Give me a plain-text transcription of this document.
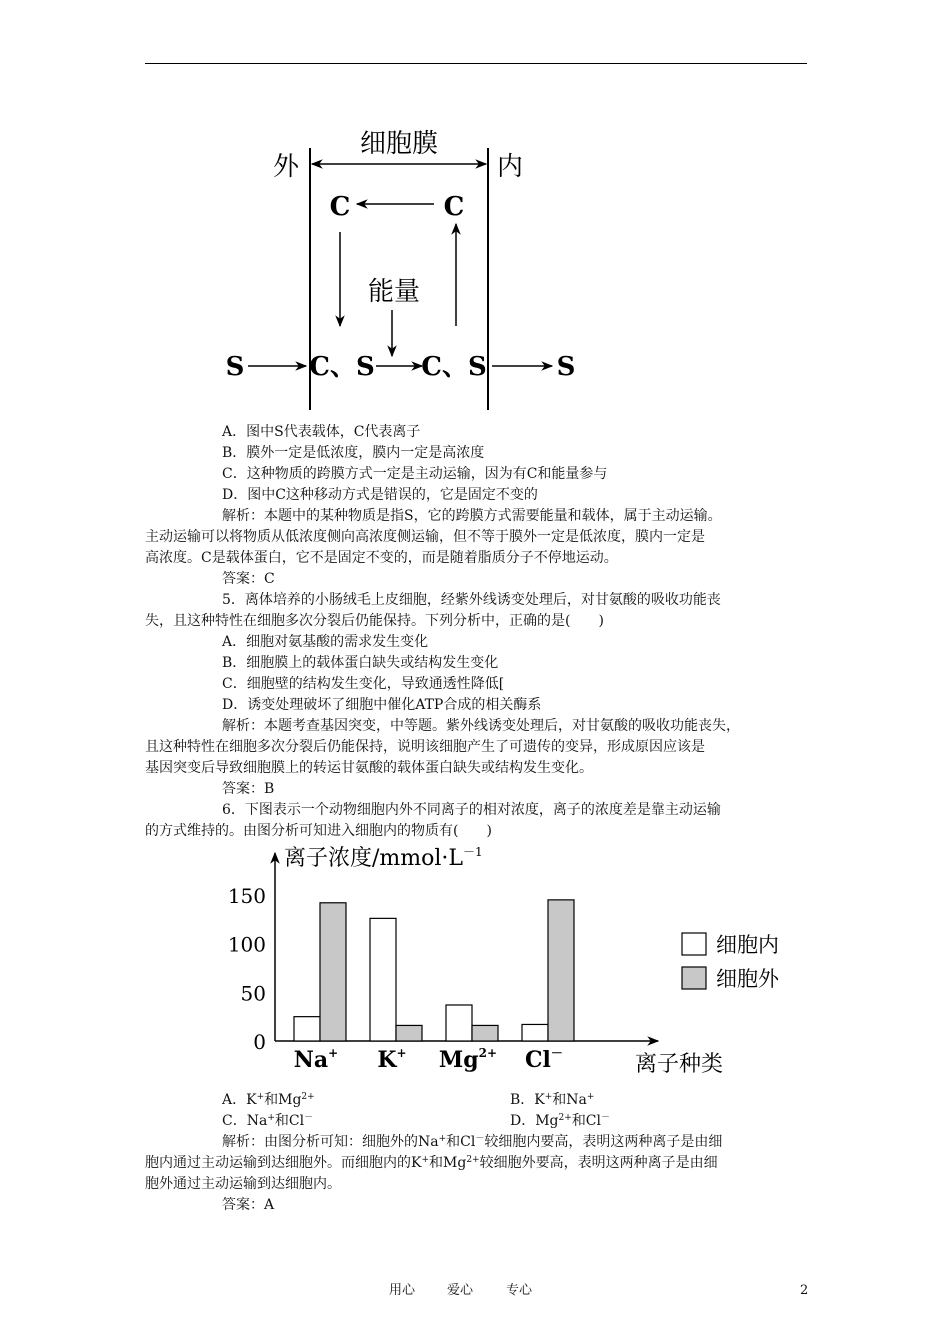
细胞膜
外	内
C	C
能量
S C、S C、S	S
A．图中S代表载体，C代表离子
B．膜外一定是低浓度，膜内一定是高浓度
C．这种物质的跨膜方式一定是主动运输，因为有C和能量参与
D．图中C这种移动方式是错误的，它是固定不变的
解析：本题中的某种物质是指S，它的跨膜方式需要能量和载体，属于主动运输。
主动运输可以将物质从低浓度侧向高浓度侧运输，但不等于膜外一定是低浓度，膜内一定是
高浓度。C是载体蛋白，它不是固定不变的，而是随着脂质分子不停地运动。
答案：C
5．离体培养的小肠绒毛上皮细胞，经紫外线诱变处理后，对甘氨酸的吸收功能丧
失，且这种特性在细胞多次分裂后仍能保持。下列分析中，正确的是(　　)
A．细胞对氨基酸的需求发生变化
B．细胞膜上的载体蛋白缺失或结构发生变化
C．细胞壁的结构发生变化，导致通透性降低[
D．诱变处理破坏了细胞中催化ATP合成的相关酶系
解析：本题考查基因突变，中等题。紫外线诱变处理后，对甘氨酸的吸收功能丧失，
且这种特性在细胞多次分裂后仍能保持，说明该细胞产生了可遗传的变异，形成原因应该是
基因突变后导致细胞膜上的转运甘氨酸的载体蛋白缺失或结构发生变化。
答案：B
6．下图表示一个动物细胞内外不同离子的相对浓度，离子的浓度差是靠主动运输
的方式维持的。由图分析可知进入细胞内的物质有(　　)
离子浓度$/mmol\cdot L^{-1}$
离子种类
0
50
100
150
Na+ K+ $Mg^{2+}$ Cl－
细胞内
细胞外
A．K+和$Mg^{2+}$	B．K+和Na+
C．Na+和Cl－	D．$Mg^{2+}$和Cl－
解析：由图分析可知：细胞外的Na+和Cl－较细胞内要高，表明这两种离子是由细
胞内通过主动运输到达细胞外。而细胞内的K+和$Mg^{2+}$较细胞外要高，表明这两种离子是由细
胞外通过主动运输到达细胞内。
答案：A
用心 爱心	专心	2
